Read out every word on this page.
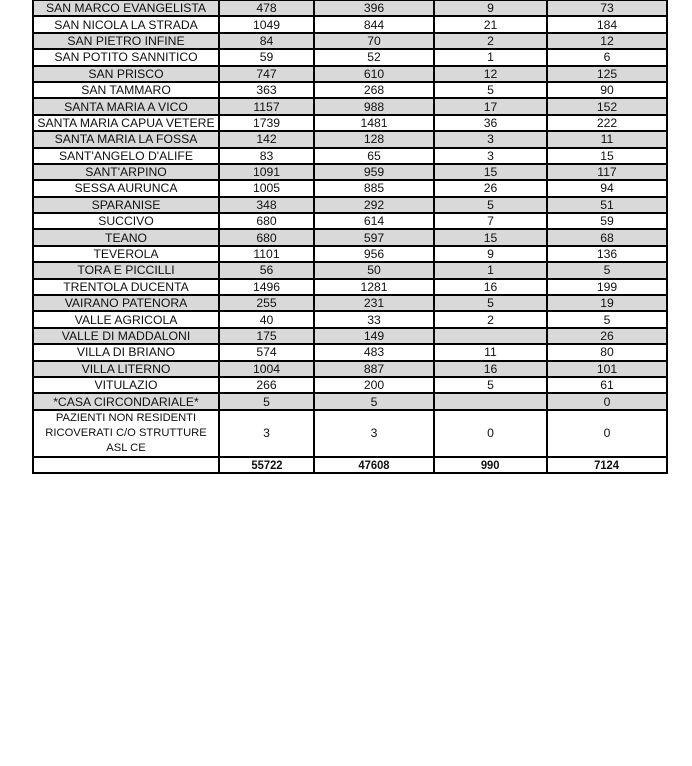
SAN MARCO EVANGELISTA	478	396	9	73
SAN NICOLA LA STRADA	1049	844	21	184
SAN PIETRO INFINE	84	70	2	12
SAN POTITO SANNITICO	59	52	1	6
SAN PRISCO	747	610	12	125
SAN TAMMARO	363	268	5	90
SANTA MARIA A VICO	1157	988	17	152
SANTA MARIA CAPUA VETERE	1739	1481	36	222
SANTA MARIA LA FOSSA	142	128	3	11
SANT'ANGELO D'ALIFE	83	65	3	15
SANT'ARPINO	1091	959	15	117
SESSA AURUNCA	1005	885	26	94
SPARANISE	348	292	5	51
SUCCIVO	680	614	7	59
TEANO	680	597	15	68
TEVEROLA	1101	956	9	136
TORA E PICCILLI	56	50	1	5
TRENTOLA DUCENTA	1496	1281	16	199
VAIRANO PATENORA	255	231	5	19
VALLE AGRICOLA	40	33	2	5
VALLE DI MADDALONI	175	149		26
VILLA DI BRIANO	574	483	11	80
VILLA LITERNO	1004	887	16	101
VITULAZIO	266	200	5	61
*CASA CIRCONDARIALE*	5	5		0
PAZIENTI NON RESIDENTI RICOVERATI C/O STRUTTURE ASL CE	3	3	0	0
	55722	47608	990	7124
